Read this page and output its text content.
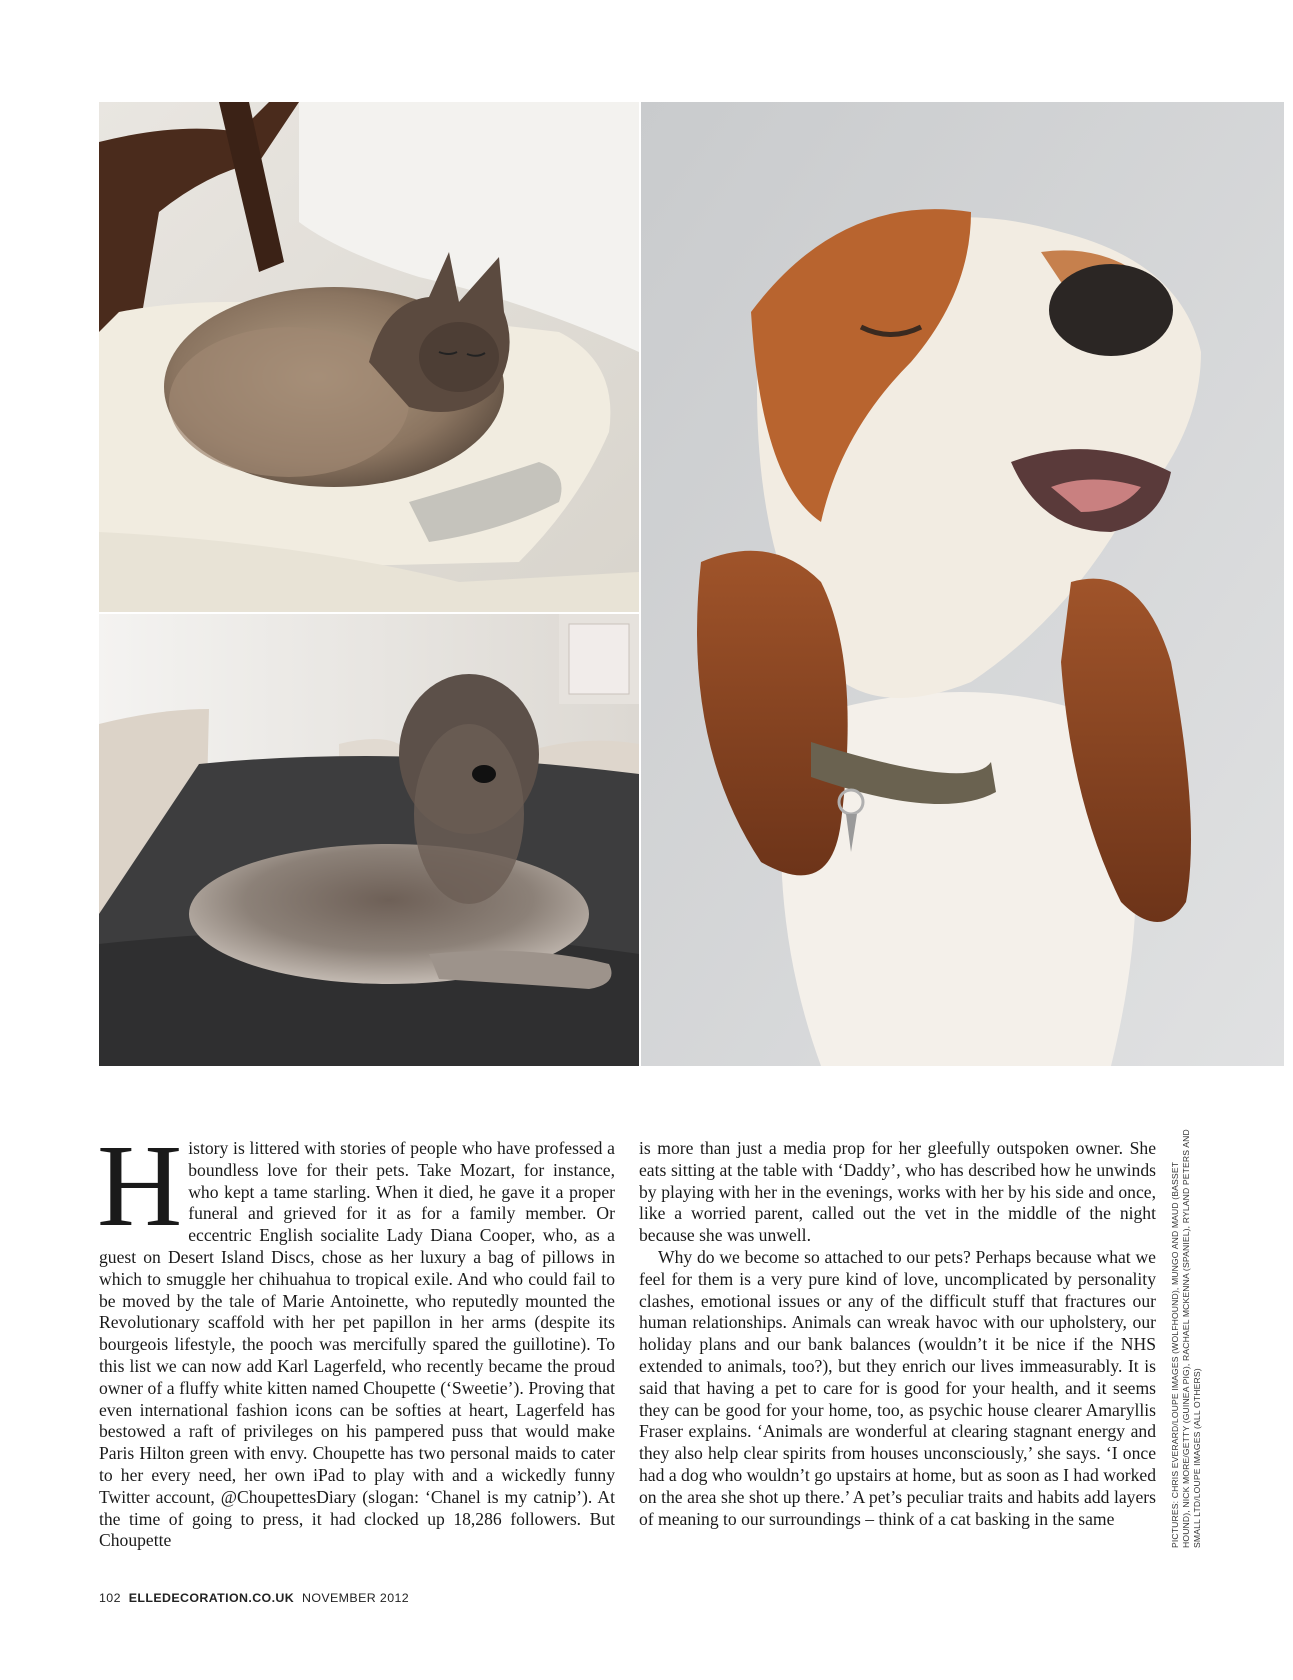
History is littered with stories of people who have professed a boundless love for their pets. Take Mozart, for instance, who kept a tame starling. When it died, he gave it a proper funeral and grieved for it as for a family member. Or eccentric English socialite Lady Diana Cooper, who, as a guest on Desert Island Discs, chose as her luxury a bag of pillows in which to smuggle her chihuahua to tropical exile. And who could fail to be moved by the tale of Marie Antoinette, who reputedly mounted the Revolutionary scaffold with her pet papillon in her arms (despite its bourgeois lifestyle, the pooch was mercifully spared the guillotine). To this list we can now add Karl Lagerfeld, who recently became the proud owner of a fluffy white kitten named Choupette (‘Sweetie’). Proving that even international fashion icons can be softies at heart, Lagerfeld has bestowed a raft of privileges on his pampered puss that would make Paris Hilton green with envy. Choupette has two personal maids to cater to her every need, her own iPad to play with and a wickedly funny Twitter account, @ChoupettesDiary (slogan: ‘Chanel is my catnip’). At the time of going to press, it had clocked up 18,286 followers. But Choupette

is more than just a media prop for her gleefully outspoken owner. She eats sitting at the table with ‘Daddy’, who has described how he unwinds by playing with her in the evenings, works with her by his side and once, like a worried parent, called out the vet in the middle of the night because she was unwell.

Why do we become so attached to our pets? Perhaps because what we feel for them is a very pure kind of love, uncomplicated by personality clashes, emotional issues or any of the difficult stuff that fractures our human relationships. Animals can wreak havoc with our upholstery, our holiday plans and our bank balances (wouldn’t it be nice if the NHS extended to animals, too?), but they enrich our lives immeasurably. It is said that having a pet to care for is good for your health, and it seems they can be good for your home, too, as psychic house clearer Amaryllis Fraser explains. ‘Animals are wonderful at clearing stagnant energy and they also help clear spirits from houses unconsciously,’ she says. ‘I once had a dog who wouldn’t go upstairs at home, but as soon as I had worked on the area she shot up there.’ A pet’s peculiar traits and habits add layers of meaning to our surroundings – think of a cat basking in the same	PICTURES: CHRIS EVERARD/LOUPE IMAGES (WOLFHOUND), MUNGO AND MAUD (BASSET HOUND), NICK MORE/GETTY (GUINEA PIG), RACHAEL MCKENNA (SPANIEL), RYLAND PETERS AND SMALL LTD/LOUPE IMAGES (ALL OTHERS)
102 ELLEDECORATION.CO.UK NOVEMBER 2012
